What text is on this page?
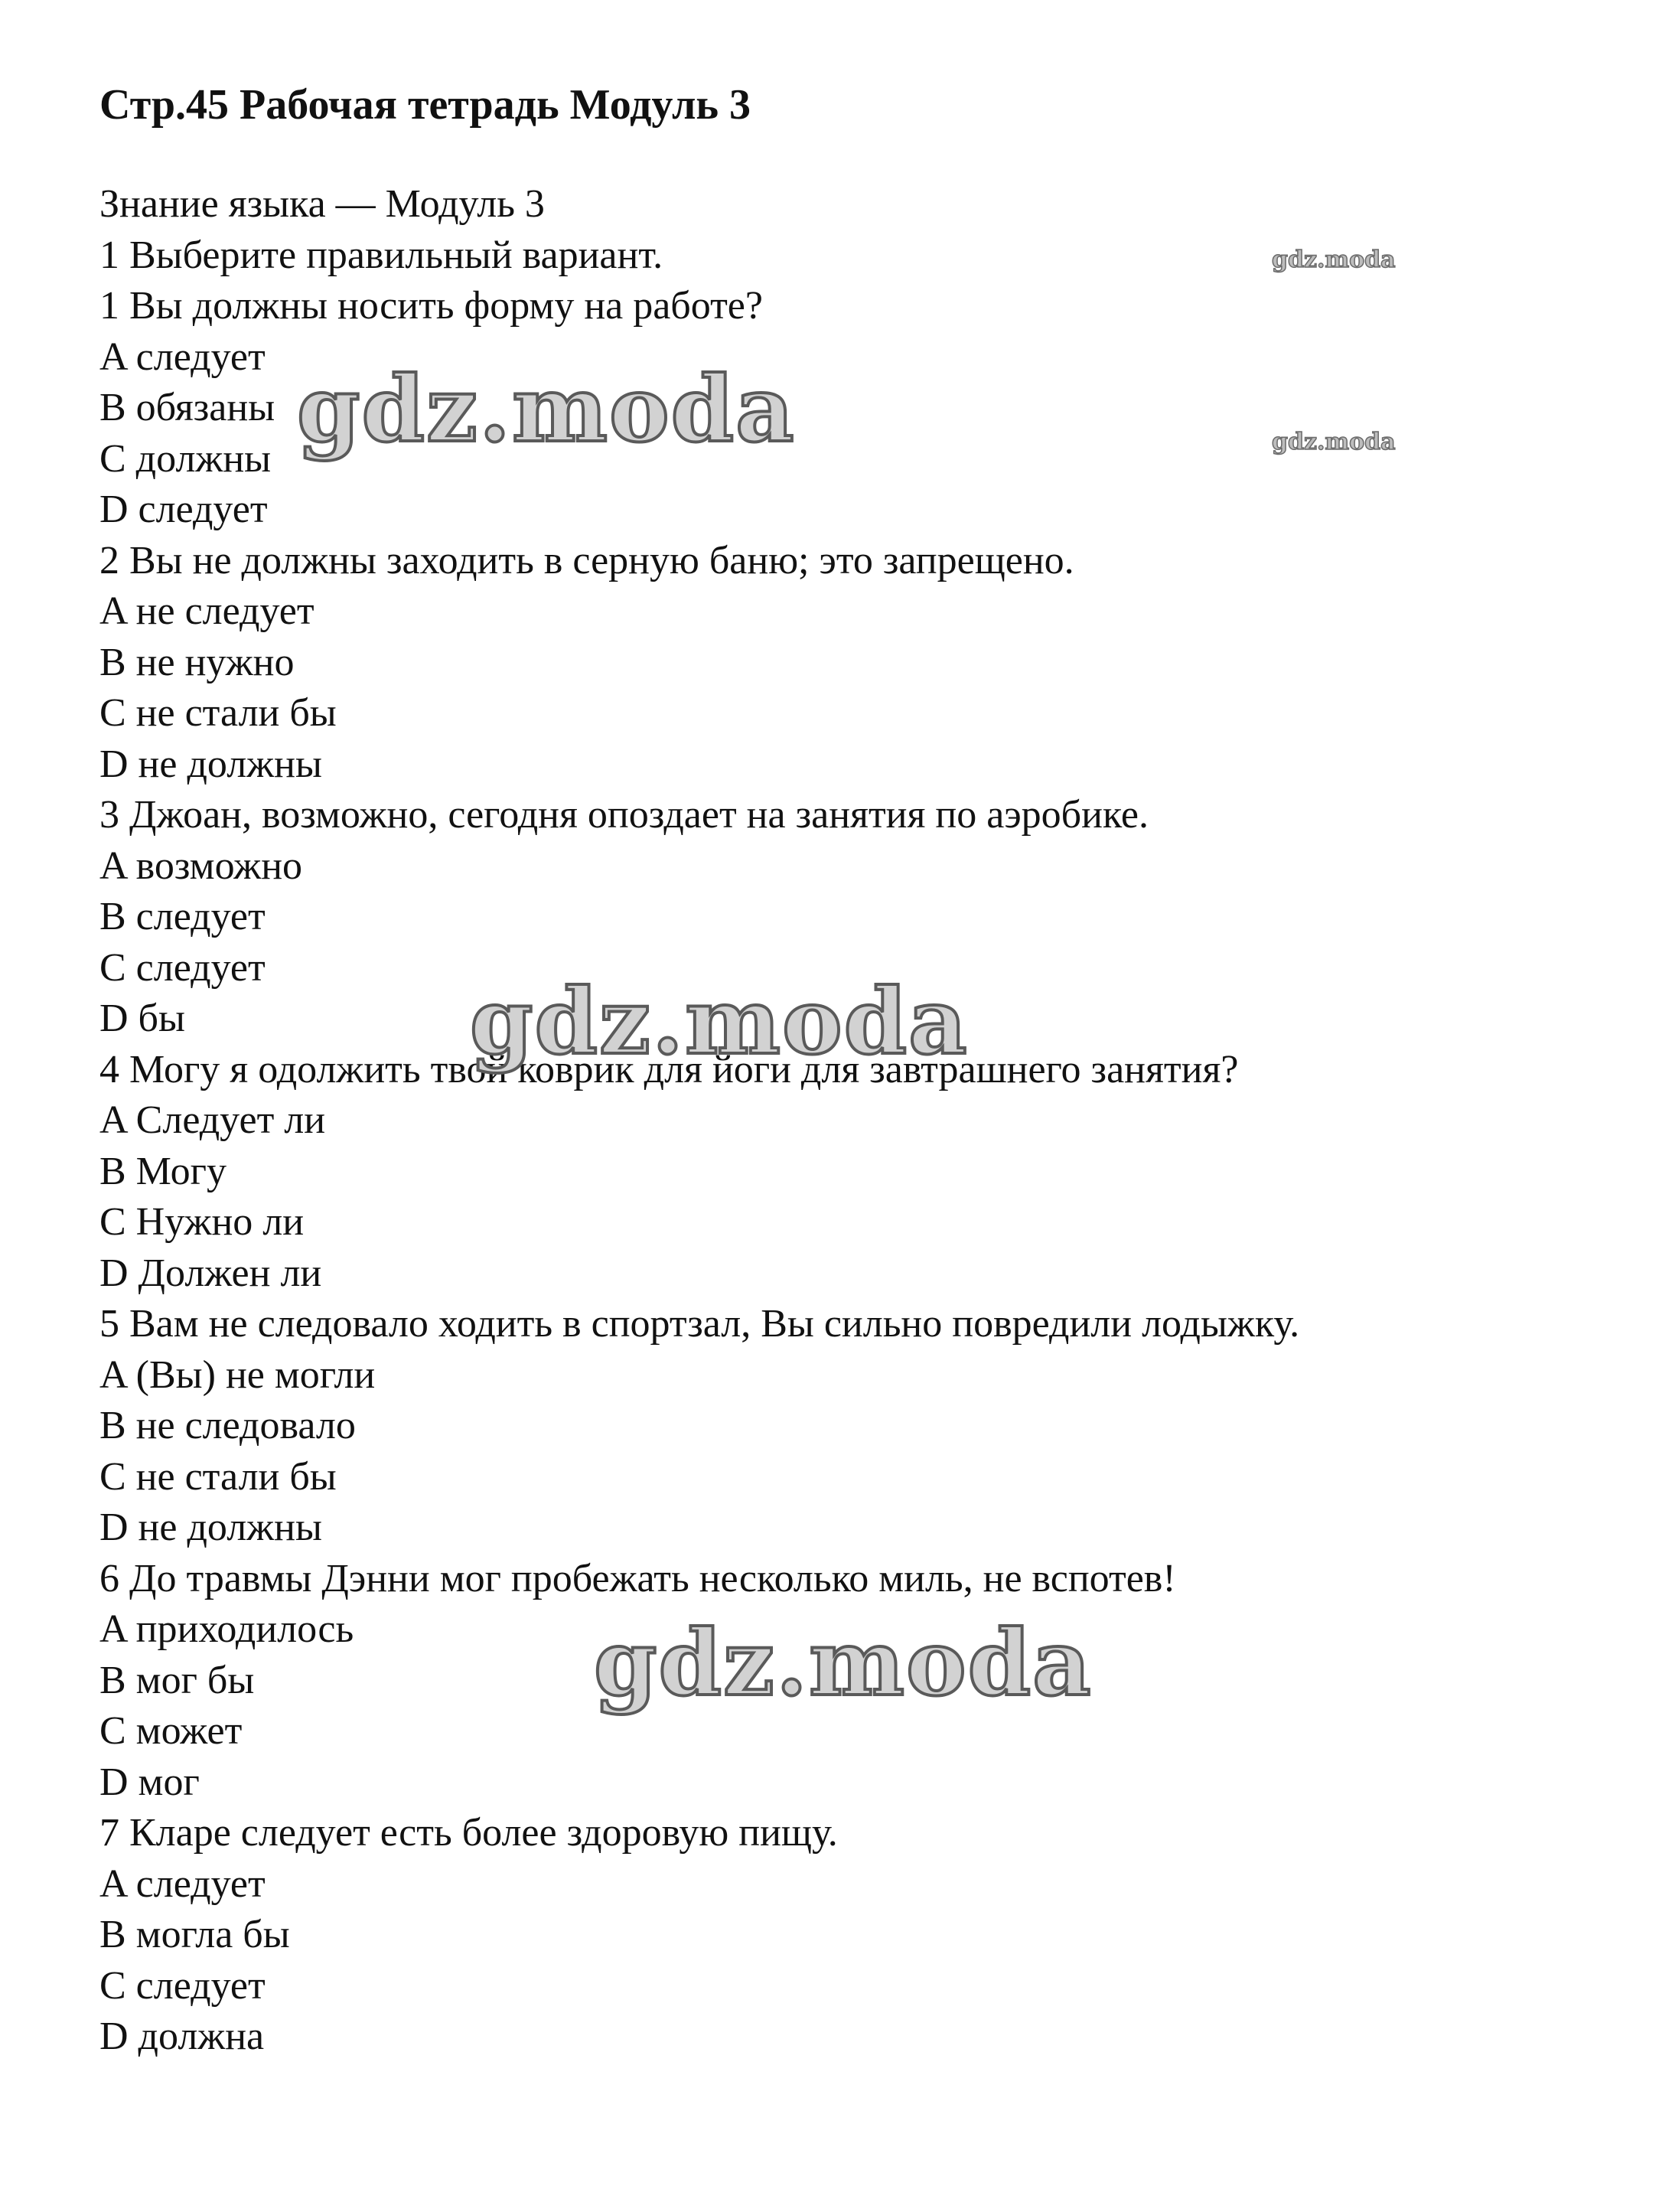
Стр.45 Рабочая тетрадь Модуль 3
Знание языка — Модуль 3
1 Выберите правильный вариант.
1 Вы должны носить форму на работе?
A следует
B обязаны
C должны
D следует
2 Вы не должны заходить в серную баню; это запрещено.
A не следует
B не нужно
C не стали бы
D не должны
3 Джоан, возможно, сегодня опоздает на занятия по аэробике.
A возможно
B следует
C следует
D бы
4 Могу я одолжить твой коврик для йоги для завтрашнего занятия?
A Следует ли
B Могу
C Нужно ли
D Должен ли
5 Вам не следовало ходить в спортзал, Вы сильно повредили лодыжку.
A (Вы) не могли
B не следовало
C не стали бы
D не должны
6 До травмы Дэнни мог пробежать несколько миль, не вспотев!
A приходилось
B мог бы
C может
D мог
7 Кларе следует есть более здоровую пищу.
A следует
B могла бы
C следует
D должна
gdz.moda
gdz.moda
gdz.moda
gdz.moda
gdz.moda
